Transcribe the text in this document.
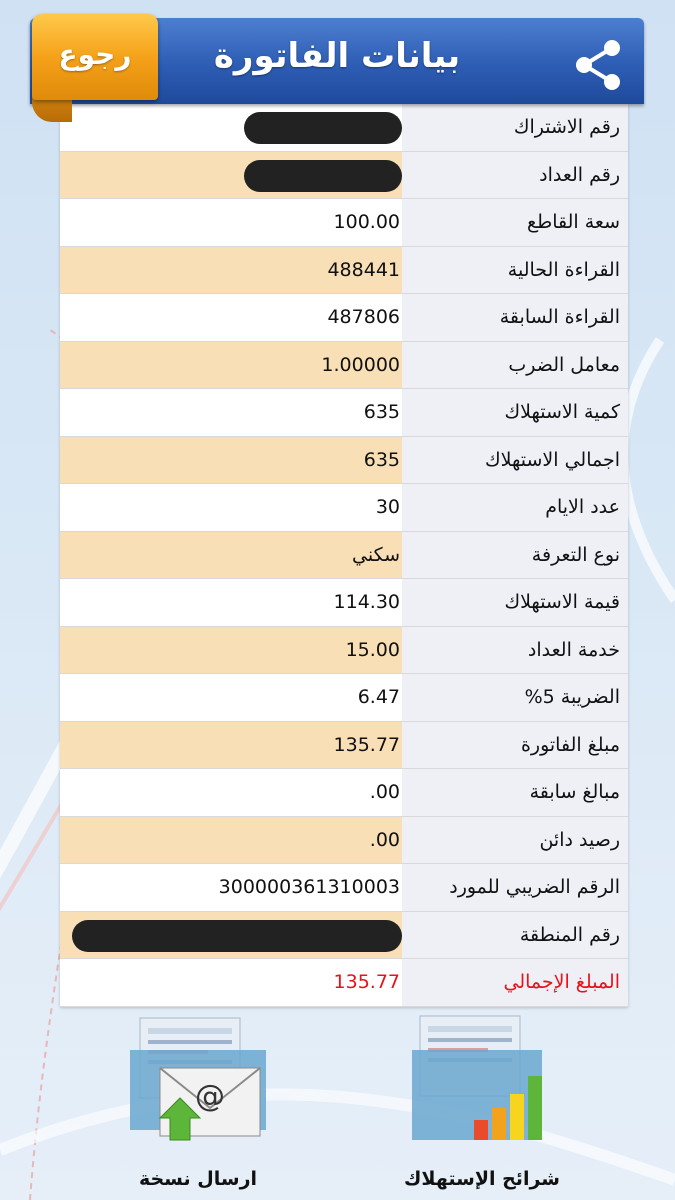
بيانات الفاتورة
رجوع
رقم الاشتراك
رقم العداد
100.00	سعة القاطع
488441	القراءة الحالية
487806	القراءة السابقة
1.00000	معامل الضرب
635	كمية الاستهلاك
635	اجمالي الاستهلاك
30	عدد الايام
سكني	نوع التعرفة
114.30	قيمة الاستهلاك
15.00	خدمة العداد
6.47	الضريبة 5%
135.77	مبلغ الفاتورة
.00	مبالغ سابقة
.00	رصيد دائن
300000361310003	الرقم الضريبي للمورد
رقم المنطقة
135.77	المبلغ الإجمالي
@
ارسال نسخة	شرائح الإستهلاك
